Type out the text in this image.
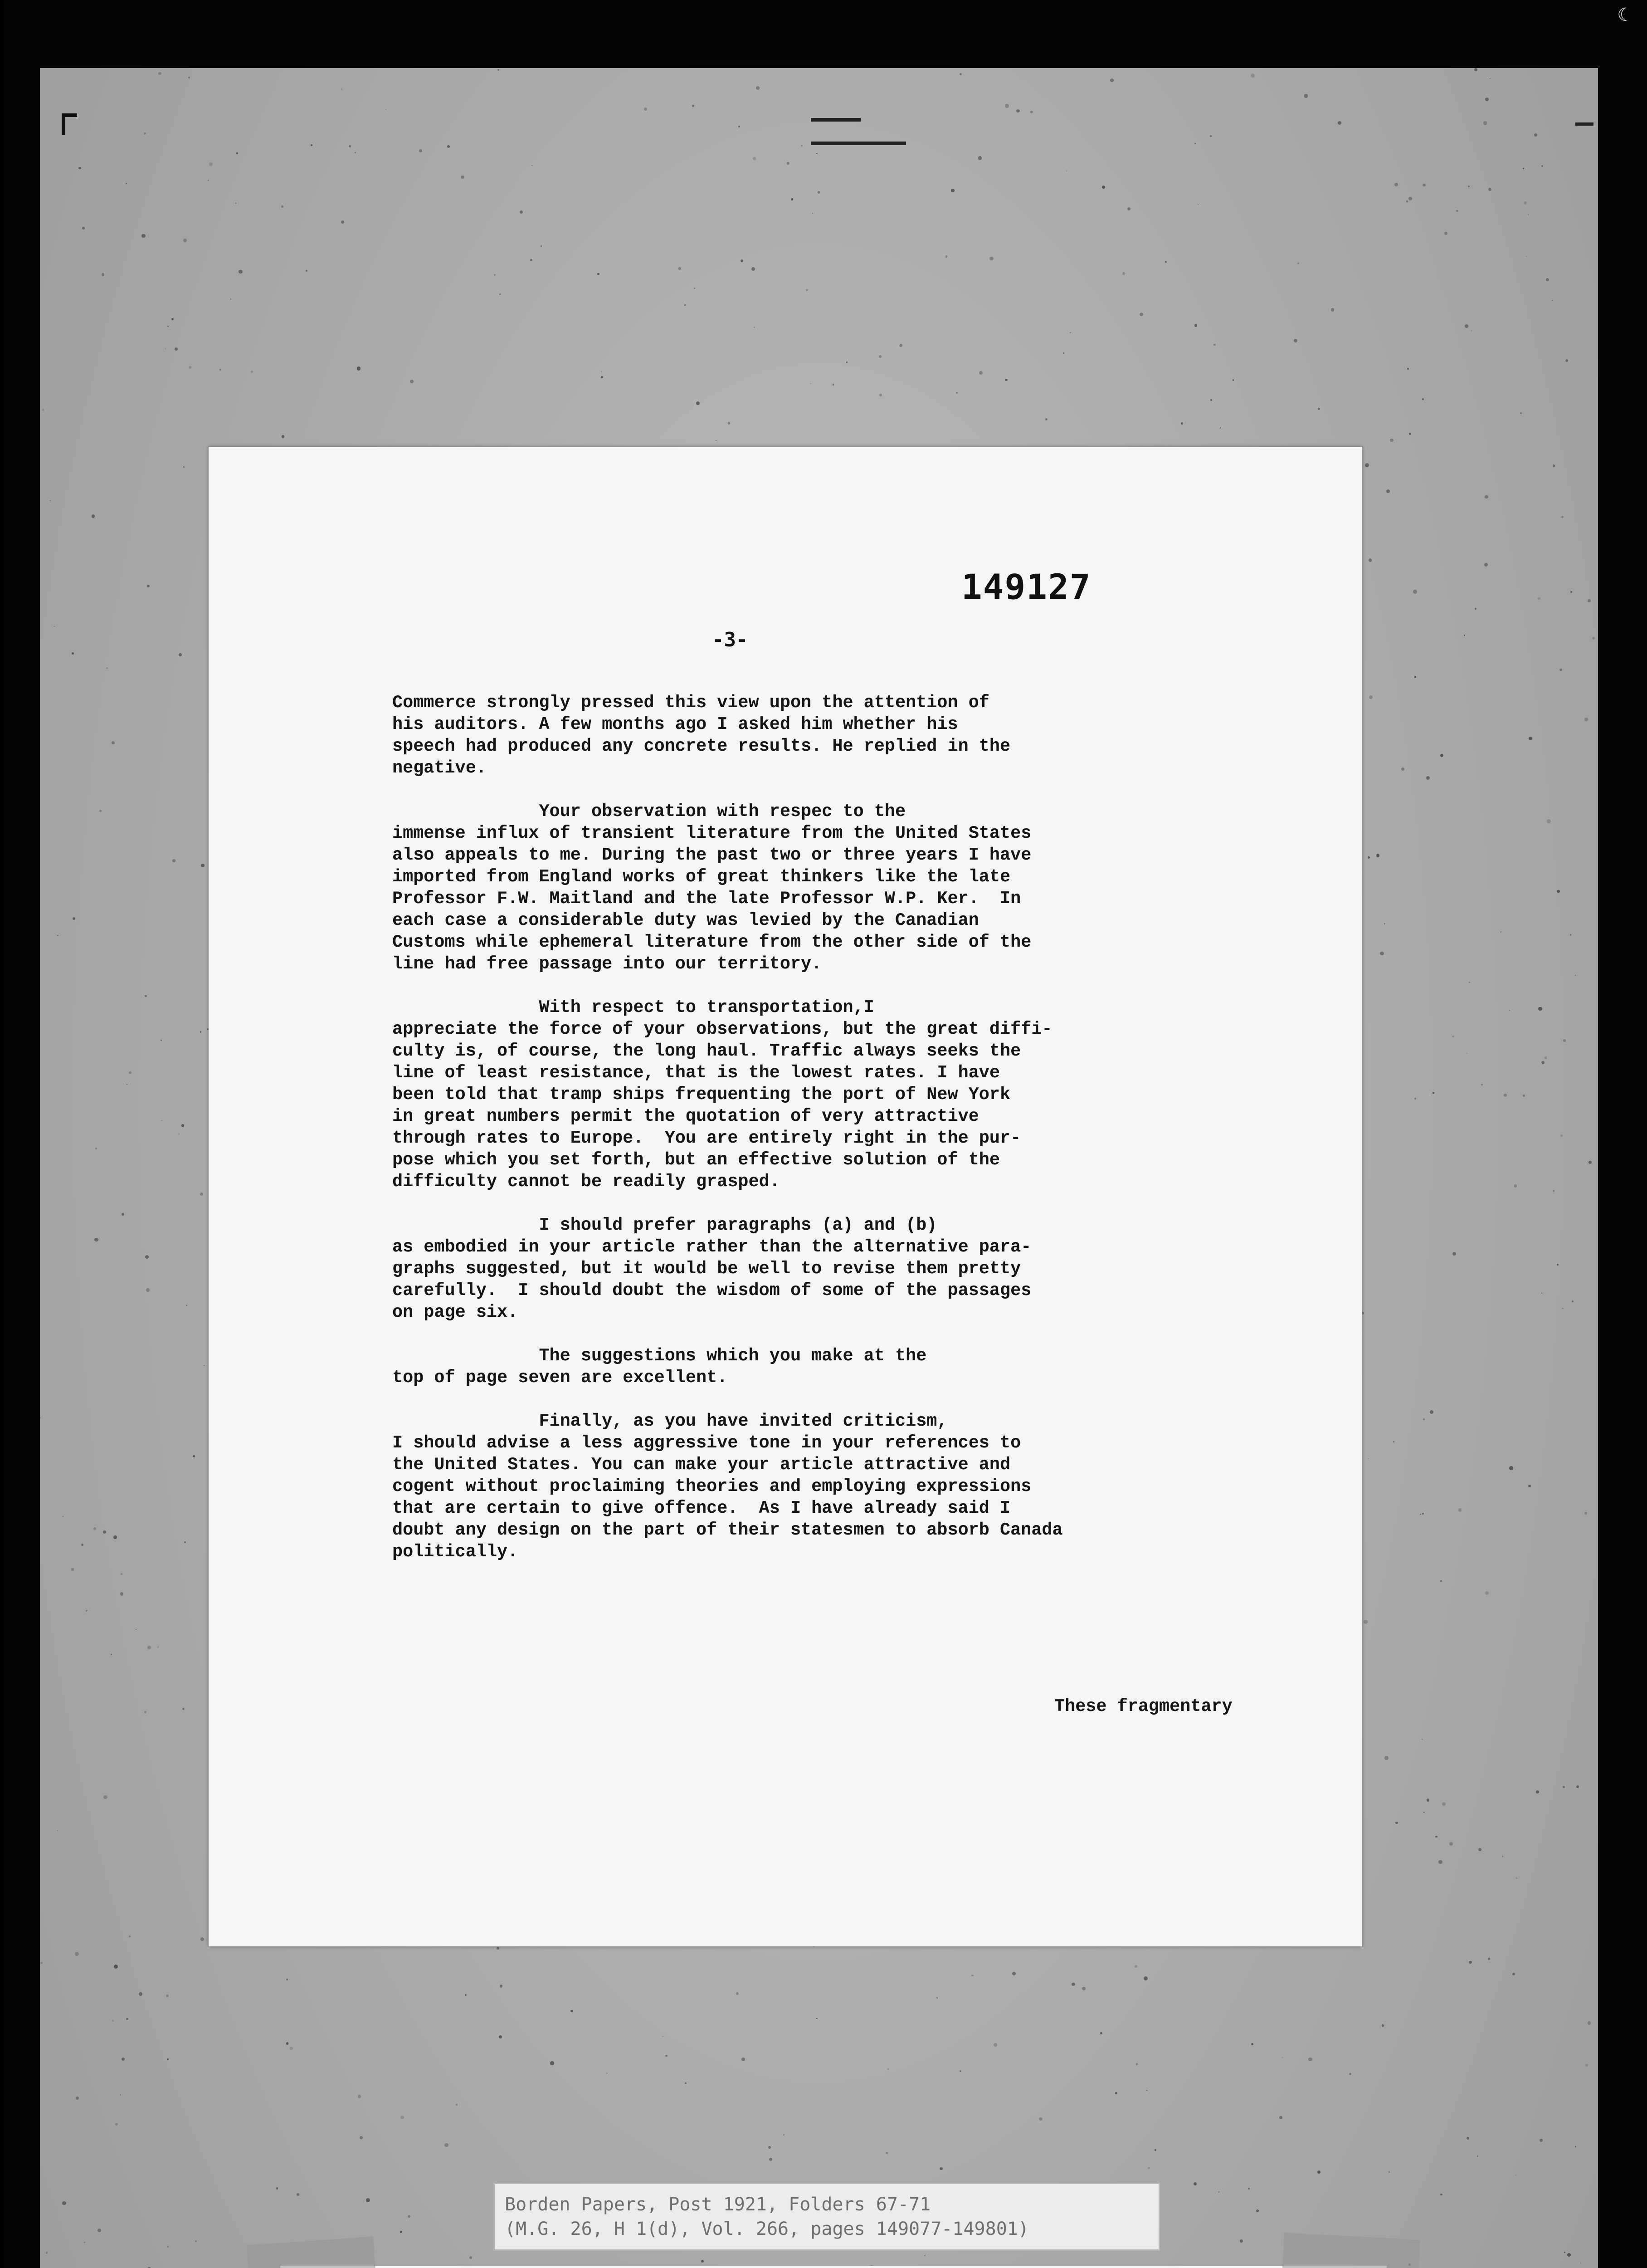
☾
149127
-3-
Commerce strongly pressed this view upon the attention of
his auditors. A few months ago I asked him whether his
speech had produced any concrete results. He replied in the
negative.
Your observation with respec to the
immense influx of transient literature from the United States
also appeals to me. During the past two or three years I have
imported from England works of great thinkers like the late
Professor F.W. Maitland and the late Professor W.P. Ker.  In
each case a considerable duty was levied by the Canadian
Customs while ephemeral literature from the other side of the
line had free passage into our territory.
With respect to transportation,I
appreciate the force of your observations, but the great diffi-
culty is, of course, the long haul. Traffic always seeks the
line of least resistance, that is the lowest rates. I have
been told that tramp ships frequenting the port of New York
in great numbers permit the quotation of very attractive
through rates to Europe.  You are entirely right in the pur-
pose which you set forth, but an effective solution of the
difficulty cannot be readily grasped.
I should prefer paragraphs (a) and (b)
as embodied in your article rather than the alternative para-
graphs suggested, but it would be well to revise them pretty
carefully.  I should doubt the wisdom of some of the passages
on page six.
The suggestions which you make at the
top of page seven are excellent.
Finally, as you have invited criticism,
I should advise a less aggressive tone in your references to
the United States. You can make your article attractive and
cogent without proclaiming theories and employing expressions
that are certain to give offence.  As I have already said I
doubt any design on the part of their statesmen to absorb Canada
politically.
These fragmentary
Borden Papers, Post 1921, Folders 67-71
(M.G. 26, H 1(d), Vol. 266, pages 149077-149801)
